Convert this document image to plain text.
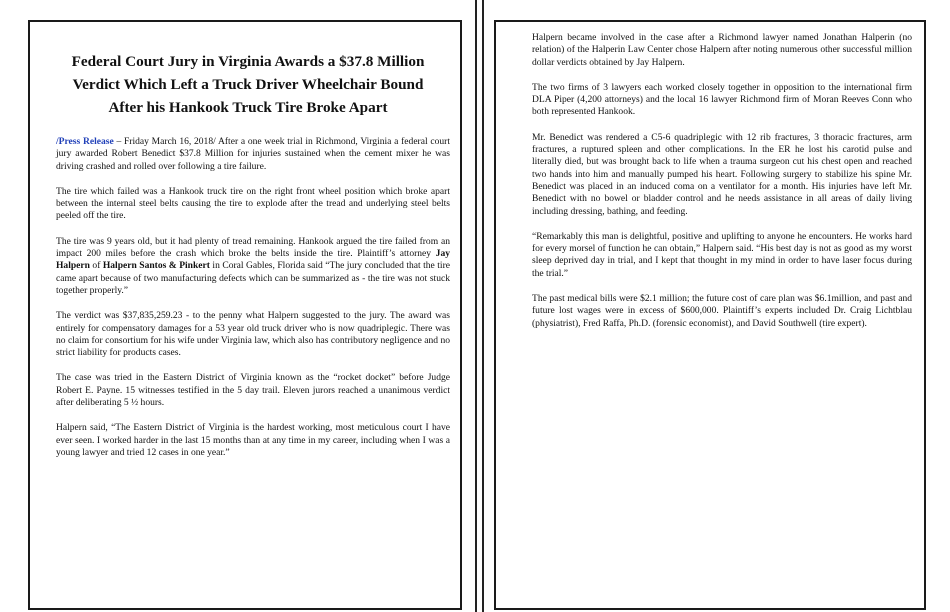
Federal Court Jury in Virginia Awards a $37.8 Million Verdict Which Left a Truck Driver Wheelchair Bound After his Hankook Truck Tire Broke Apart

/Press Release – Friday March 16, 2018/ After a one week trial in Richmond, Virginia a federal court jury awarded Robert Benedict $37.8 Million for injuries sustained when the cement mixer he was driving crashed and rolled over following a tire failure.

The tire which failed was a Hankook truck tire on the right front wheel position which broke apart between the internal steel belts causing the tire to explode after the tread and underlying steel belts peeled off the tire.

The tire was 9 years old, but it had plenty of tread remaining. Hankook argued the tire failed from an impact 200 miles before the crash which broke the belts inside the tire. Plaintiff’s attorney Jay Halpern of Halpern Santos & Pinkert in Coral Gables, Florida said “The jury concluded that the tire came apart because of two manufacturing defects which can be summarized as - the tire was not stuck together properly.”

The verdict was $37,835,259.23 - to the penny what Halpern suggested to the jury. The award was entirely for compensatory damages for a 53 year old truck driver who is now quadriplegic. There was no claim for consortium for his wife under Virginia law, which also has contributory negligence and no strict liability for products cases.

The case was tried in the Eastern District of Virginia known as the “rocket docket” before Judge Robert E. Payne. 15 witnesses testified in the 5 day trail. Eleven jurors reached a unanimous verdict after deliberating 5 ½ hours.

Halpern said, “The Eastern District of Virginia is the hardest working, most meticulous court I have ever seen. I worked harder in the last 15 months than at any time in my career, including when I was a young lawyer and tried 12 cases in one year.”

Halpern became involved in the case after a Richmond lawyer named Jonathan Halperin (no relation) of the Halperin Law Center chose Halpern after noting numerous other successful million dollar verdicts obtained by Jay Halpern.

The two firms of 3 lawyers each worked closely together in opposition to the international firm DLA Piper (4,200 attorneys) and the local 16 lawyer Richmond firm of Moran Reeves Conn who both represented Hankook.

Mr. Benedict was rendered a C5-6 quadriplegic with 12 rib fractures, 3 thoracic fractures, arm fractures, a ruptured spleen and other complications. In the ER he lost his carotid pulse and literally died, but was brought back to life when a trauma surgeon cut his chest open and reached two hands into him and manually pumped his heart. Following surgery to stabilize his spine Mr. Benedict was placed in an induced coma on a ventilator for a month. His injuries have left Mr. Benedict with no bowel or bladder control and he needs assistance in all areas of daily living including dressing, bathing, and feeding.

“Remarkably this man is delightful, positive and uplifting to anyone he encounters. He works hard for every morsel of function he can obtain,” Halpern said. “His best day is not as good as my worst sleep deprived day in trial, and I kept that thought in my mind in order to have laser focus during the trial.”

The past medical bills were $2.1 million; the future cost of care plan was $6.1million, and past and future lost wages were in excess of $600,000. Plaintiff’s experts included Dr. Craig Lichtblau (physiatrist), Fred Raffa, Ph.D. (forensic economist), and David Southwell (tire expert).
